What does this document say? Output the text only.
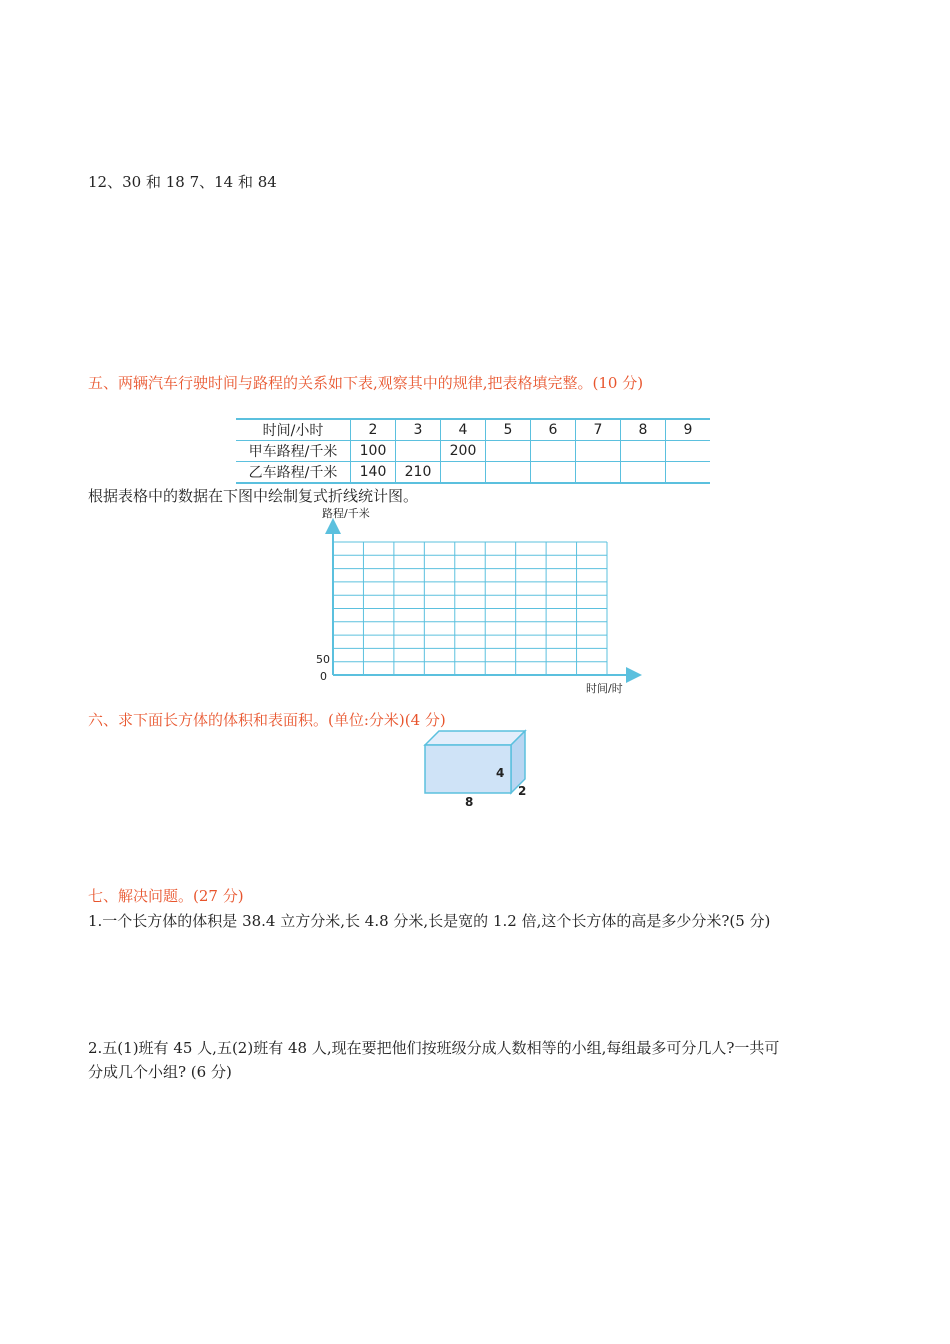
12、30 和 18 7、14 和 84
五、两辆汽车行驶时间与路程的关系如下表,观察其中的规律,把表格填完整。(10 分)
时间/小时	2	3	4	5	6	7	8	9
甲车路程/千米	100		200					
乙车路程/千米	140	210						
根据表格中的数据在下图中绘制复式折线统计图。
路程/千米
50
0
时间/时
六、求下面长方体的体积和表面积。(单位:分米)(4 分)
4
8
2
七、解决问题。(27 分)
1.一个长方体的体积是 38.4 立方分米,长 4.8 分米,长是宽的 1.2 倍,这个长方体的高是多少分米?(5 分)
2.五(1)班有 45 人,五(2)班有 48 人,现在要把他们按班级分成人数相等的小组,每组最多可分几人?一共可
分成几个小组? (6 分)
